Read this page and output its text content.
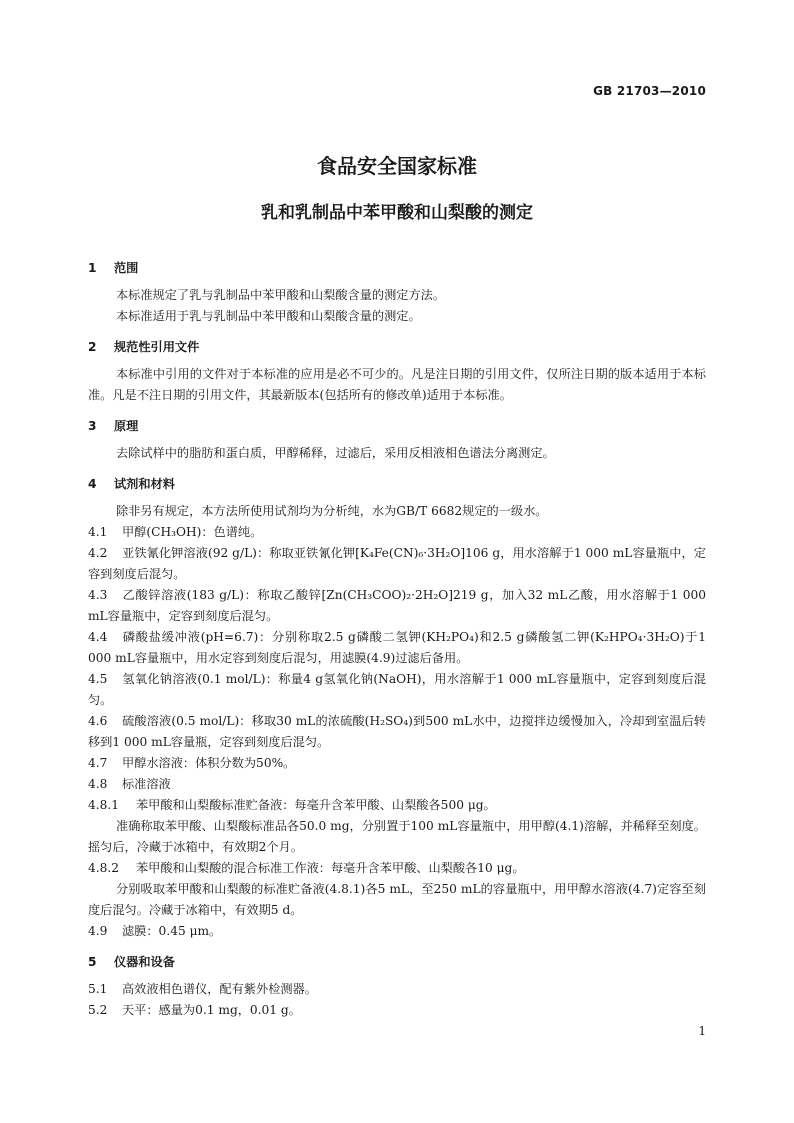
GB 21703—2010
食品安全国家标准
乳和乳制品中苯甲酸和山梨酸的测定
1 范围
本标准规定了乳与乳制品中苯甲酸和山梨酸含量的测定方法。
本标准适用于乳与乳制品中苯甲酸和山梨酸含量的测定。
2 规范性引用文件
本标准中引用的文件对于本标准的应用是必不可少的。凡是注日期的引用文件，仅所注日期的版本适用于本标准。凡是不注日期的引用文件，其最新版本(包括所有的修改单)适用于本标准。
3 原理
去除试样中的脂肪和蛋白质，甲醇稀释，过滤后，采用反相液相色谱法分离测定。
4 试剂和材料
除非另有规定，本方法所使用试剂均为分析纯，水为GB/T 6682规定的一级水。
4.1 甲醇(CH₃OH)：色谱纯。
4.2 亚铁氰化钾溶液(92 g/L)：称取亚铁氰化钾[K₄Fe(CN)₆·3H₂O]106 g，用水溶解于1 000 mL容量瓶中，定容到刻度后混匀。
4.3 乙酸锌溶液(183 g/L)：称取乙酸锌[Zn(CH₃COO)₂·2H₂O]219 g，加入32 mL乙酸，用水溶解于1 000 mL容量瓶中，定容到刻度后混匀。
4.4 磷酸盐缓冲液(pH=6.7)：分别称取2.5 g磷酸二氢钾(KH₂PO₄)和2.5 g磷酸氢二钾(K₂HPO₄·3H₂O)于1 000 mL容量瓶中，用水定容到刻度后混匀，用滤膜(4.9)过滤后备用。
4.5 氢氧化钠溶液(0.1 mol/L)：称量4 g氢氧化钠(NaOH)，用水溶解于1 000 mL容量瓶中，定容到刻度后混匀。
4.6 硫酸溶液(0.5 mol/L)：移取30 mL的浓硫酸(H₂SO₄)到500 mL水中，边搅拌边缓慢加入，冷却到室温后转移到1 000 mL容量瓶，定容到刻度后混匀。
4.7 甲醇水溶液：体积分数为50%。
4.8 标准溶液
4.8.1 苯甲酸和山梨酸标准贮备液：每毫升含苯甲酸、山梨酸各500 μg。
准确称取苯甲酸、山梨酸标准品各50.0 mg，分别置于100 mL容量瓶中，用甲醇(4.1)溶解，并稀释至刻度。摇匀后，冷藏于冰箱中，有效期2个月。
4.8.2 苯甲酸和山梨酸的混合标准工作液：每毫升含苯甲酸、山梨酸各10 μg。
分别吸取苯甲酸和山梨酸的标准贮备液(4.8.1)各5 mL，至250 mL的容量瓶中，用甲醇水溶液(4.7)定容至刻度后混匀。冷藏于冰箱中，有效期5 d。
4.9 滤膜：0.45 μm。
5 仪器和设备
5.1 高效液相色谱仪，配有紫外检测器。
5.2 天平：感量为0.1 mg，0.01 g。
1
